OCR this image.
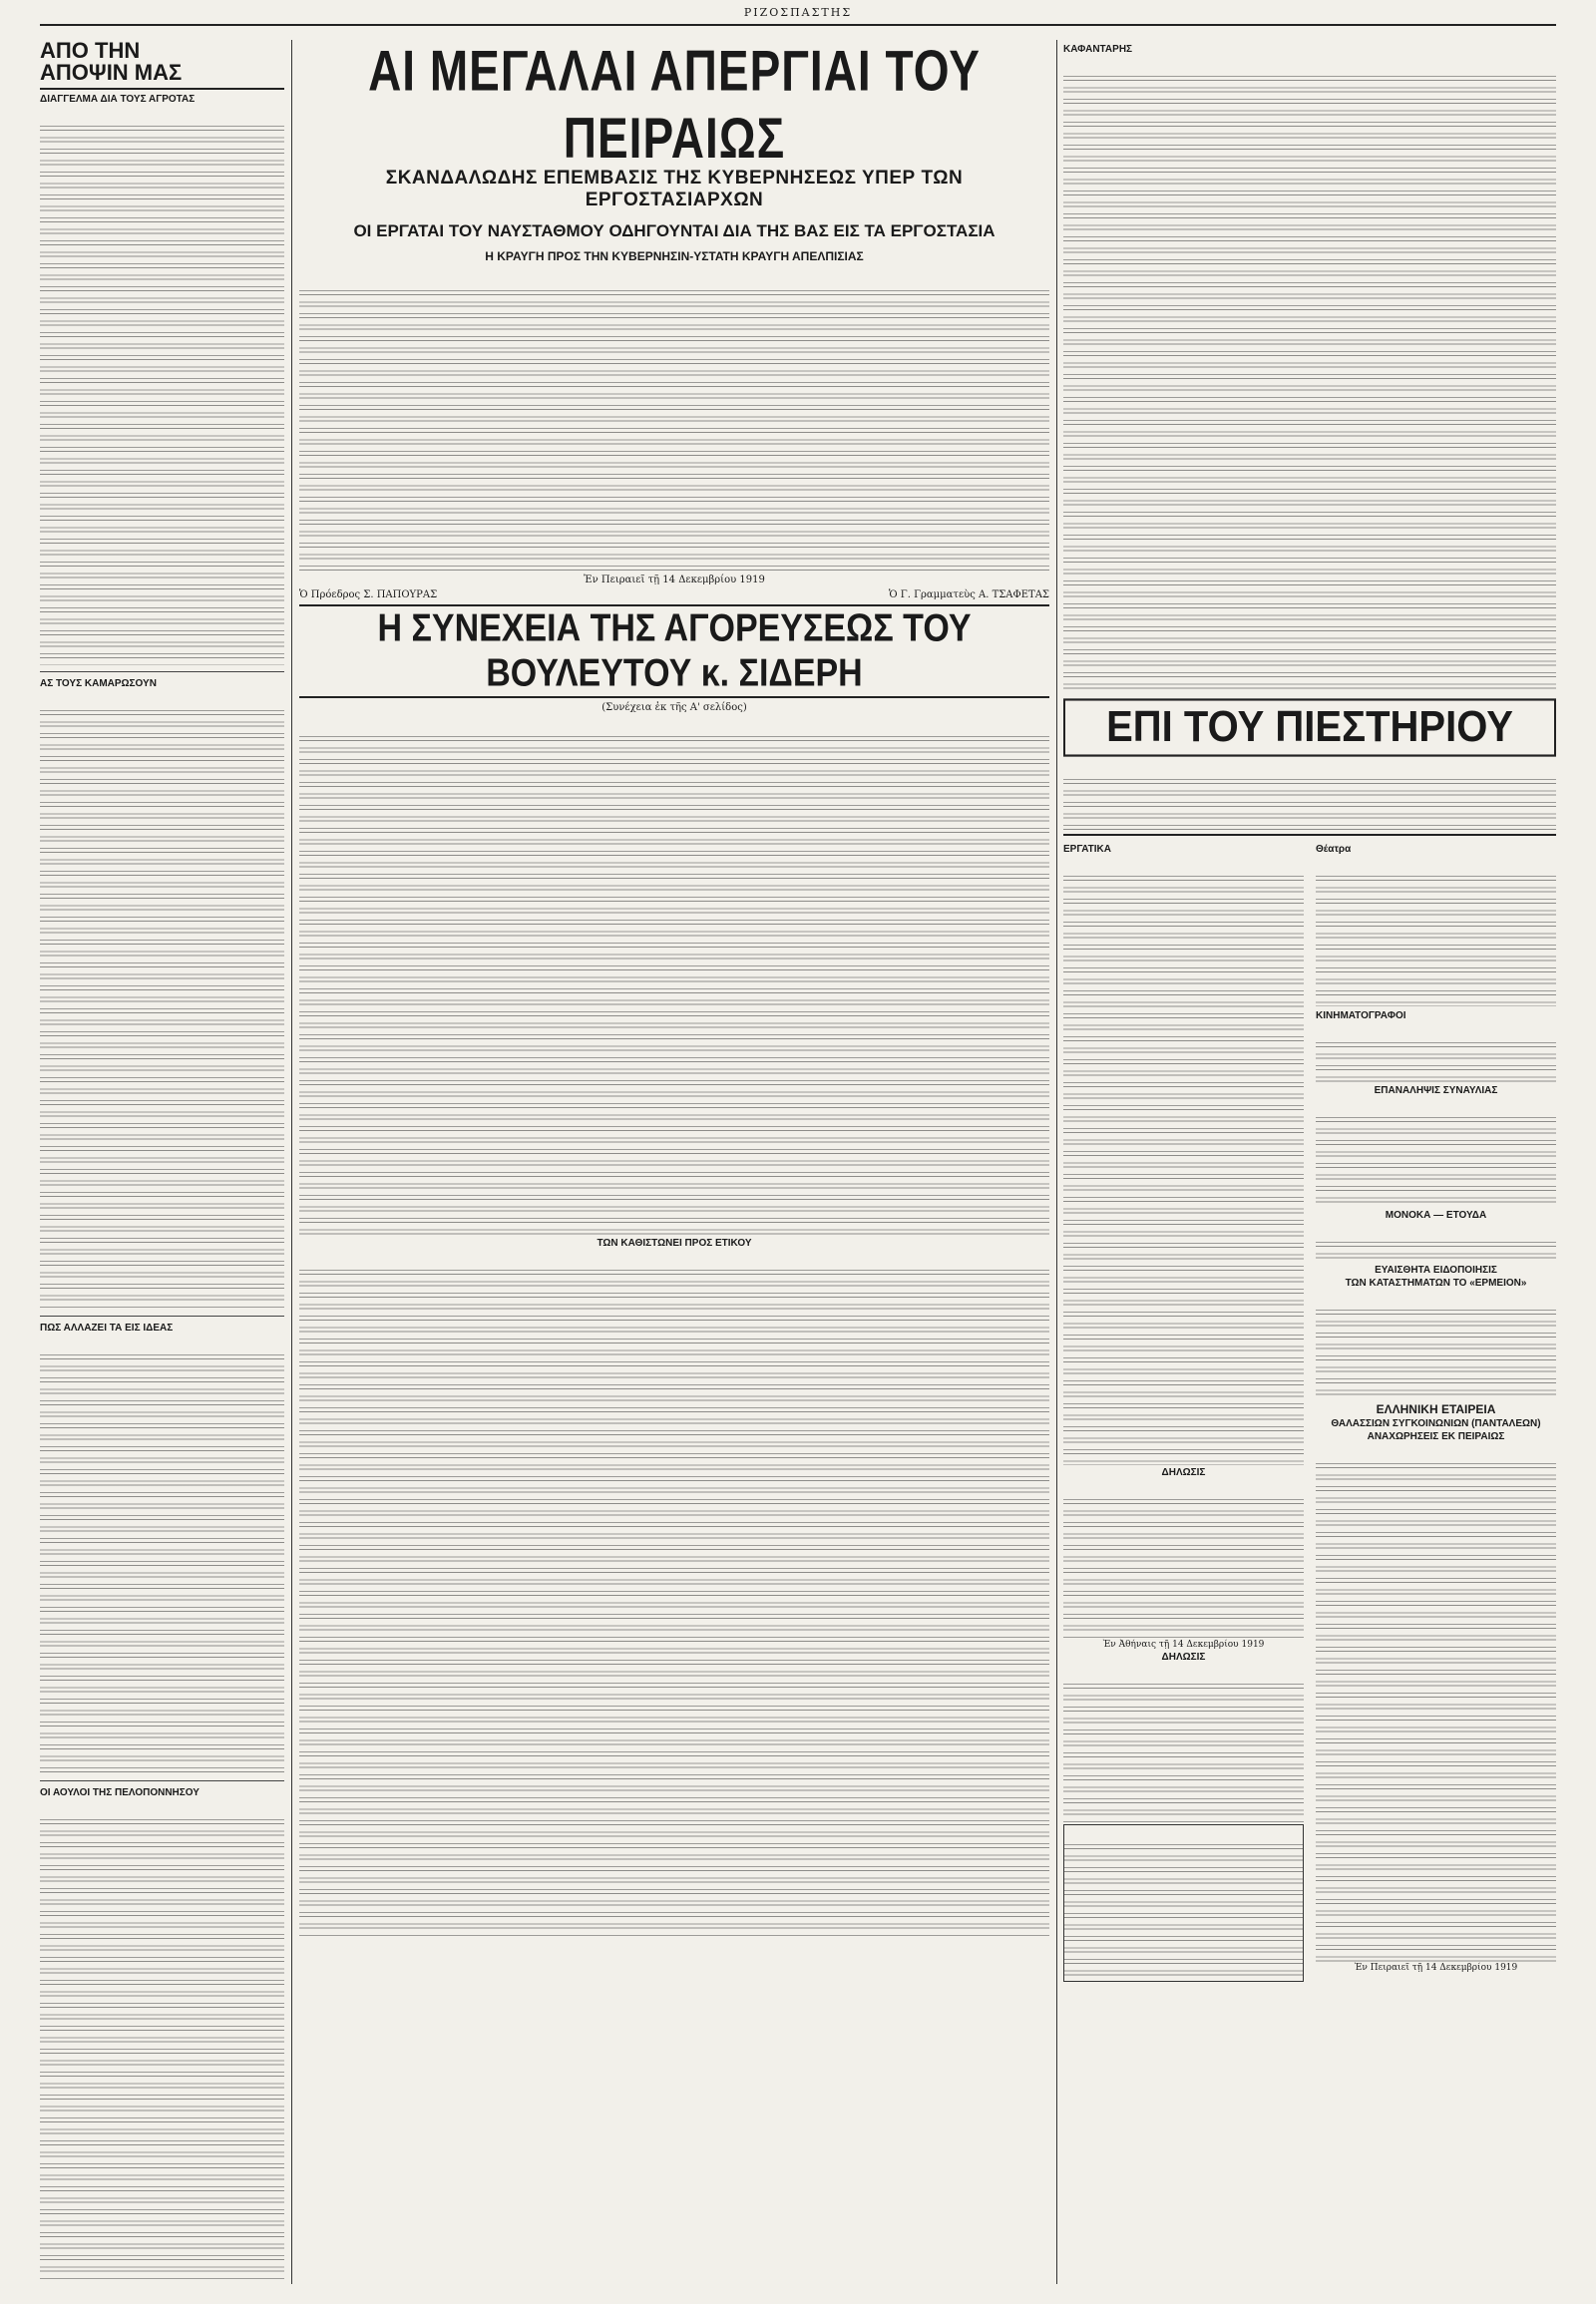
ΡΙΖΟΣΠΑΣΤΗΣ
ΑΠΟ ΤΗΝ
ΑΠΟΨΙΝ ΜΑΣ
ΔΙΑΓΓΕΛΜΑ ΔΙΑ ΤΟΥΣ ΑΓΡΟΤΑΣ
ΑΣ ΤΟΥΣ ΚΑΜΑΡΩΣΟΥΝ
ΠΩΣ ΑΛΛΑΖΕΙ ΤΑ ΕΙΣ ΙΔΕΑΣ
ΟΙ ΑΟΥΛΟΙ ΤΗΣ ΠΕΛΟΠΟΝΝΗΣΟΥ
ΑΙ ΜΕΓΑΛΑΙ ΑΠΕΡΓΙΑΙ ΤΟΥ ΠΕΙΡΑΙΩΣ
ΣΚΑΝΔΑΛΩΔΗΣ ΕΠΕΜΒΑΣΙΣ ΤΗΣ ΚΥΒΕΡΝΗΣΕΩΣ ΥΠΕΡ ΤΩΝ ΕΡΓΟΣΤΑΣΙΑΡΧΩΝ
ΟΙ ΕΡΓΑΤΑΙ ΤΟΥ ΝΑΥΣΤΑΘΜΟΥ ΟΔΗΓΟΥΝΤΑΙ ΔΙΑ ΤΗΣ ΒΑΣ ΕΙΣ ΤΑ ΕΡΓΟΣΤΑΣΙΑ
Η ΚΡΑΥΓΗ ΠΡΟΣ ΤΗΝ ΚΥΒΕΡΝΗΣΙΝ-ΥΣΤΑΤΗ ΚΡΑΥΓΗ ΑΠΕΛΠΙΣΙΑΣ
Ἐν Πειραιεῖ τῇ 14 Δεκεμβρίου 1919
Ὁ Πρόεδρος Σ. ΠΑΠΟΥΡΑΣ	Ὁ Γ. Γραμματεὺς Α. ΤΣΑΦΕΤΑΣ
Η ΣΥΝΕΧΕΙΑ ΤΗΣ ΑΓΟΡΕΥΣΕΩΣ ΤΟΥ ΒΟΥΛΕΥΤΟΥ κ. ΣΙΔΕΡΗ
(Συνέχεια ἐκ τῆς Α' σελίδος)
ΤΩΝ ΚΑΘΙΣΤΩΝΕΙ ΠΡΟΣ ΕΤΙΚΟΥ
ΚΑΦΑΝΤΑΡΗΣ
ΕΠΙ ΤΟΥ ΠΙΕΣΤΗΡΙΟΥ
ΕΡΓΑΤΙΚΑ
ΔΗΛΩΣΙΣ
Ἐν Ἀθήναις τῇ 14 Δεκεμβρίου 1919
ΔΗΛΩΣΙΣ
Θέατρα
ΚΙΝΗΜΑΤΟΓΡΑΦΟΙ
ΕΠΑΝΑΛΗΨΙΣ ΣΥΝΑΥΛΙΑΣ
ΜΟΝΟΚΑ — ΕΤΟΥΔΑ
ΕΥΑΙΣΘΗΤΑ ΕΙΔΟΠΟΙΗΣΙΣ
ΤΩΝ ΚΑΤΑΣΤΗΜΑΤΩΝ ΤΟ «ΕΡΜΕΙΟΝ»
ΕΛΛΗΝΙΚΗ ΕΤΑΙΡΕΙΑ
ΘΑΛΑΣΣΙΩΝ ΣΥΓΚΟΙΝΩΝΙΩΝ (ΠΑΝΤΑΛΕΩΝ)
ΑΝΑΧΩΡΗΣΕΙΣ ΕΚ ΠΕΙΡΑΙΩΣ
Ἐν Πειραιεῖ τῇ 14 Δεκεμβρίου 1919
